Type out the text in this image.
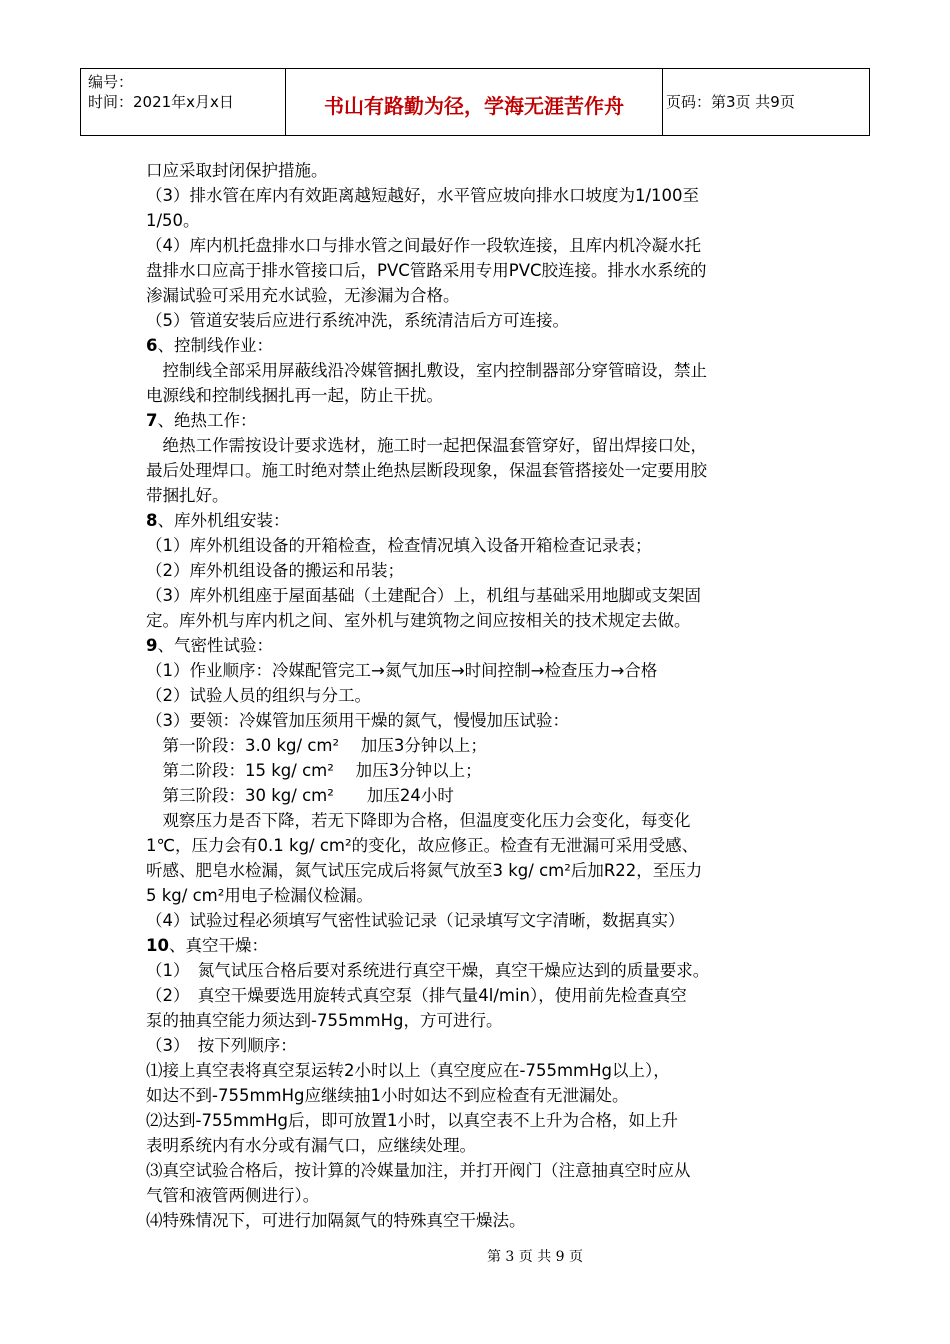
编号：
时间：2021年x月x日	书山有路勤为径，学海无涯苦作舟	页码：第3页 共9页
口应采取封闭保护措施。
（3）排水管在库内有效距离越短越好，水平管应坡向排水口坡度为1/100至
1/50。
（4）库内机托盘排水口与排水管之间最好作一段软连接，且库内机冷凝水托
盘排水口应高于排水管接口后，PVC管路采用专用PVC胶连接。排水水系统的
渗漏试验可采用充水试验，无渗漏为合格。
（5）管道安装后应进行系统冲洗，系统清洁后方可连接。
6、控制线作业：
　控制线全部采用屏蔽线沿冷媒管捆扎敷设，室内控制器部分穿管暗设，禁止
电源线和控制线捆扎再一起，防止干扰。
7、绝热工作：
　绝热工作需按设计要求选材，施工时一起把保温套管穿好，留出焊接口处，
最后处理焊口。施工时绝对禁止绝热层断段现象，保温套管搭接处一定要用胶
带捆扎好。
8、库外机组安装：
（1）库外机组设备的开箱检查，检查情况填入设备开箱检查记录表；
（2）库外机组设备的搬运和吊装；
（3）库外机组座于屋面基础（土建配合）上，机组与基础采用地脚或支架固
定。库外机与库内机之间、室外机与建筑物之间应按相关的技术规定去做。
9、气密性试验：
（1）作业顺序：冷媒配管完工→氮气加压→时间控制→检查压力→合格
（2）试验人员的组织与分工。
（3）要领：冷媒管加压须用干燥的氮气，慢慢加压试验：
　第一阶段：3.0 kg/ cm²　 加压3分钟以上；
　第二阶段：15 kg/ cm²　 加压3分钟以上；
　第三阶段：30 kg/ cm²　　加压24小时
　观察压力是否下降，若无下降即为合格，但温度变化压力会变化，每变化
1℃，压力会有0.1 kg/ cm²的变化，故应修正。检查有无泄漏可采用受感、
听感、肥皂水检漏，氮气试压完成后将氮气放至3 kg/ cm²后加R22，至压力
5 kg/ cm²用电子检漏仪检漏。
（4）试验过程必须填写气密性试验记录（记录填写文字清晰，数据真实）
10、真空干燥：
（1）　氮气试压合格后要对系统进行真空干燥，真空干燥应达到的质量要求。
（2）　真空干燥要选用旋转式真空泵（排气量4l/min），使用前先检查真空
泵的抽真空能力须达到-755mmHg，方可进行。
（3）　按下列顺序：
⑴接上真空表将真空泵运转2小时以上（真空度应在-755mmHg以上），
如达不到-755mmHg应继续抽1小时如达不到应检查有无泄漏处。
⑵达到-755mmHg后，即可放置1小时，以真空表不上升为合格，如上升
表明系统内有水分或有漏气口，应继续处理。
⑶真空试验合格后，按计算的冷媒量加注，并打开阀门（注意抽真空时应从
气管和液管两侧进行）。
⑷特殊情况下，可进行加隔氮气的特殊真空干燥法。
第 3 页 共 9 页
